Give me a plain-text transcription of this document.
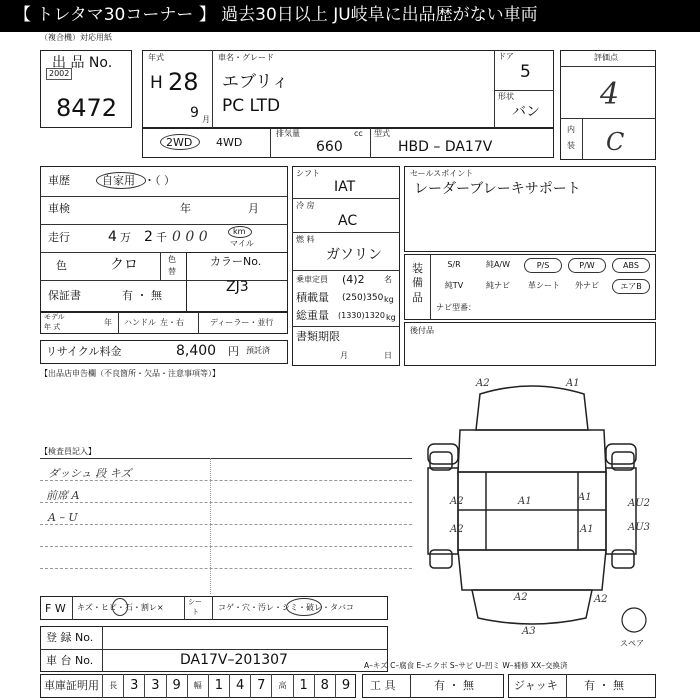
【 トレタマ30コーナー 】 過去30日以上 JU岐阜に出品歴がない車両
（複合機）対応用紙
出 品 No.
2002
8472
年式
H 28
9 月
車名・グレード
エブリィ
PC LTD
ドア
5
形状
バン
評価点
4
内
装 C
2WD 4WD
排気量	cc
660
型式
HBD – DA17V
車歴	自家用 ・（ ）
車検	年	月
走行	4 万 2 千 0 0 0	km
マイル
色	クロ	色
替
保証書	有 ・ 無
カラーNo.
ZJ3
モデル
年 式	年 ハンドル 左・右	ディーラー・並行
リサイクル料金	8,400 円 預託済
シフト
IAT
冷 房
AC
燃 料
ガソリン
乗車定員 (4)2 名
積載量 (250)350 kg
総重量 (1330)1320 kg
書類期限
月	日
セールスポイント
レーダーブレーキサポート
装 備 品
S/R	純A/W	P/S	P/W	ABS
純TV	純ナビ	革シート	外ナビ	エアB
ナビ型番：
後付品
【出品店申告欄（不良箇所・欠品・注意事項等）】
【検査員記入】
ダッシュ 段 キズ
前席 A
A – U
F W キズ・ヒビ・石・割レ×
シー
ト コゲ・穴・汚レ・シミ・破レ・タバコ
登 録 No.
車 台 No.	DA17V–201307
車庫証明用	長	3 3 9	幅	1 4 7	高	1 8 9	工 具	有 ・ 無	ジャッキ 有 ・ 無
A2	A1
A2	A1	A1
A2	A1
A2
AU2
AU3
A2
A3
スペア
A–キズ C–腐食 E–エクボ S–サビ U–凹ミ W–補修 XX–交換済
